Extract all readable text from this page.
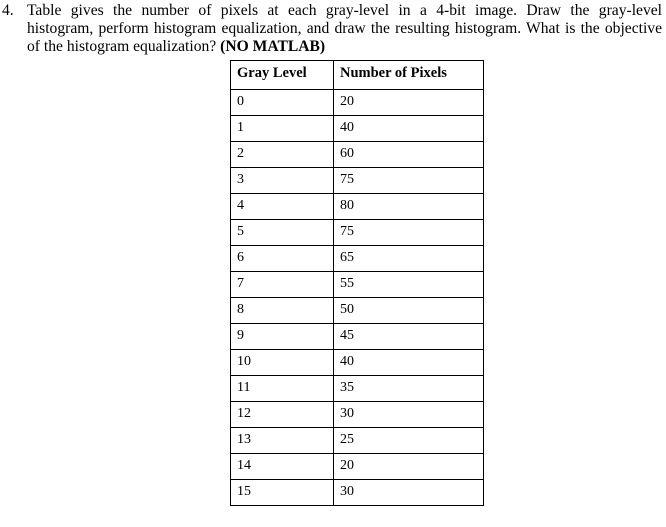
4. Table gives the number of pixels at each gray-level in a 4-bit image. Draw the gray-level
histogram, perform histogram equalization, and draw the resulting histogram. What is the objective
of the histogram equalization? (NO MATLAB)
Gray Level	Number of Pixels
0	20
1	40
2	60
3	75
4	80
5	75
6	65
7	55
8	50
9	45
10	40
11	35
12	30
13	25
14	20
15	30
